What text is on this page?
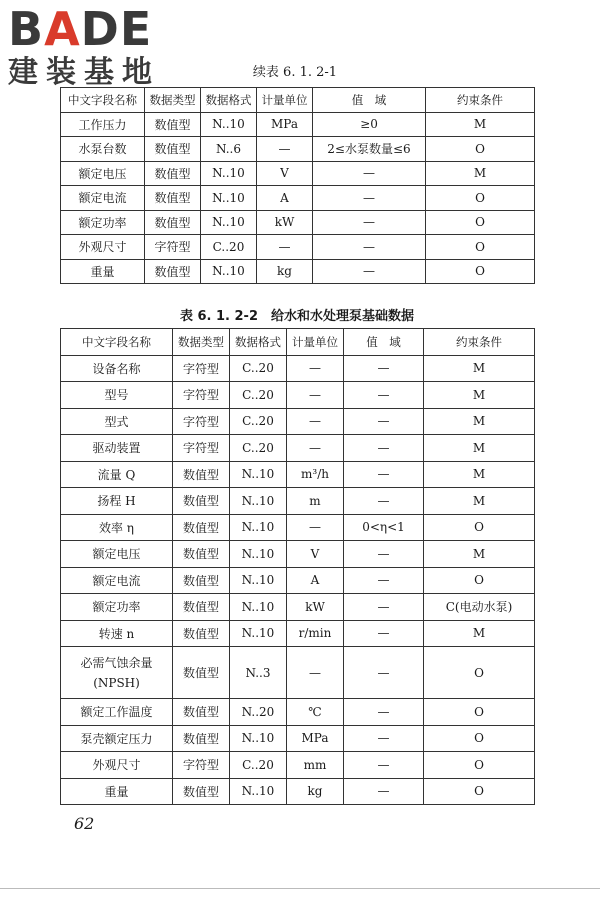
BADE
建装基地	续表 6. 1. 2-1
中文字段名称	数据类型	数据格式	计量单位	值　域	约束条件
工作压力	数值型	N..10	MPa	≥0	M
水泵台数	数值型	N..6	—	2≤水泵数量≤6	O
额定电压	数值型	N..10	V	—	M
额定电流	数值型	N..10	A	—	O
额定功率	数值型	N..10	kW	—	O
外观尺寸	字符型	C..20	—	—	O
重量	数值型	N..10	kg	—	O
表 6. 1. 2-2　给水和水处理泵基础数据
中文字段名称	数据类型	数据格式	计量单位	值　域	约束条件
设备名称	字符型	C..20	—	—	M
型号	字符型	C..20	—	—	M
型式	字符型	C..20	—	—	M
驱动装置	字符型	C..20	—	—	M
流量 Q	数值型	N..10	m³/h	—	M
扬程 H	数值型	N..10	m	—	M
效率 η	数值型	N..10	—	0<η<1	O
额定电压	数值型	N..10	V	—	M
额定电流	数值型	N..10	A	—	O
额定功率	数值型	N..10	kW	—	C(电动水泵)
转速 n	数值型	N..10	r/min	—	M
必需气蚀余量 (NPSH)	数值型	N..3	—	—	O
额定工作温度	数值型	N..20	℃	—	O
泵壳额定压力	数值型	N..10	MPa	—	O
外观尺寸	字符型	C..20	mm	—	O
重量	数值型	N..10	kg	—	O
62
